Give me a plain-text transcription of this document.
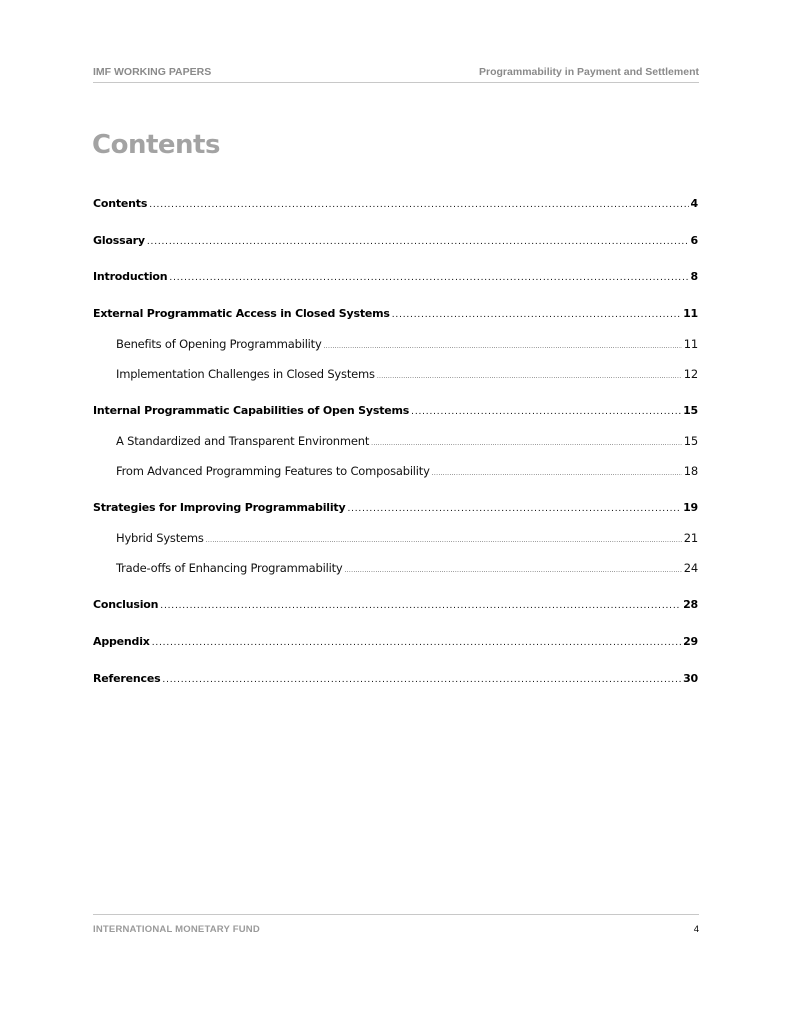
IMF WORKING PAPERS	Programmability in Payment and Settlement
Contents
Contents .....	4
Glossary .....	6
Introduction .....	8
External Programmatic Access in Closed Systems .....	11
Benefits of Opening Programmability .....	11
Implementation Challenges in Closed Systems .....	12
Internal Programmatic Capabilities of Open Systems .....	15
A Standardized and Transparent Environment .....	15
From Advanced Programming Features to Composability .....	18
Strategies for Improving Programmability .....	19
Hybrid Systems .....	21
Trade-offs of Enhancing Programmability .....	24
Conclusion .....	28
Appendix .....	29
References .....	30
INTERNATIONAL MONETARY FUND	4
